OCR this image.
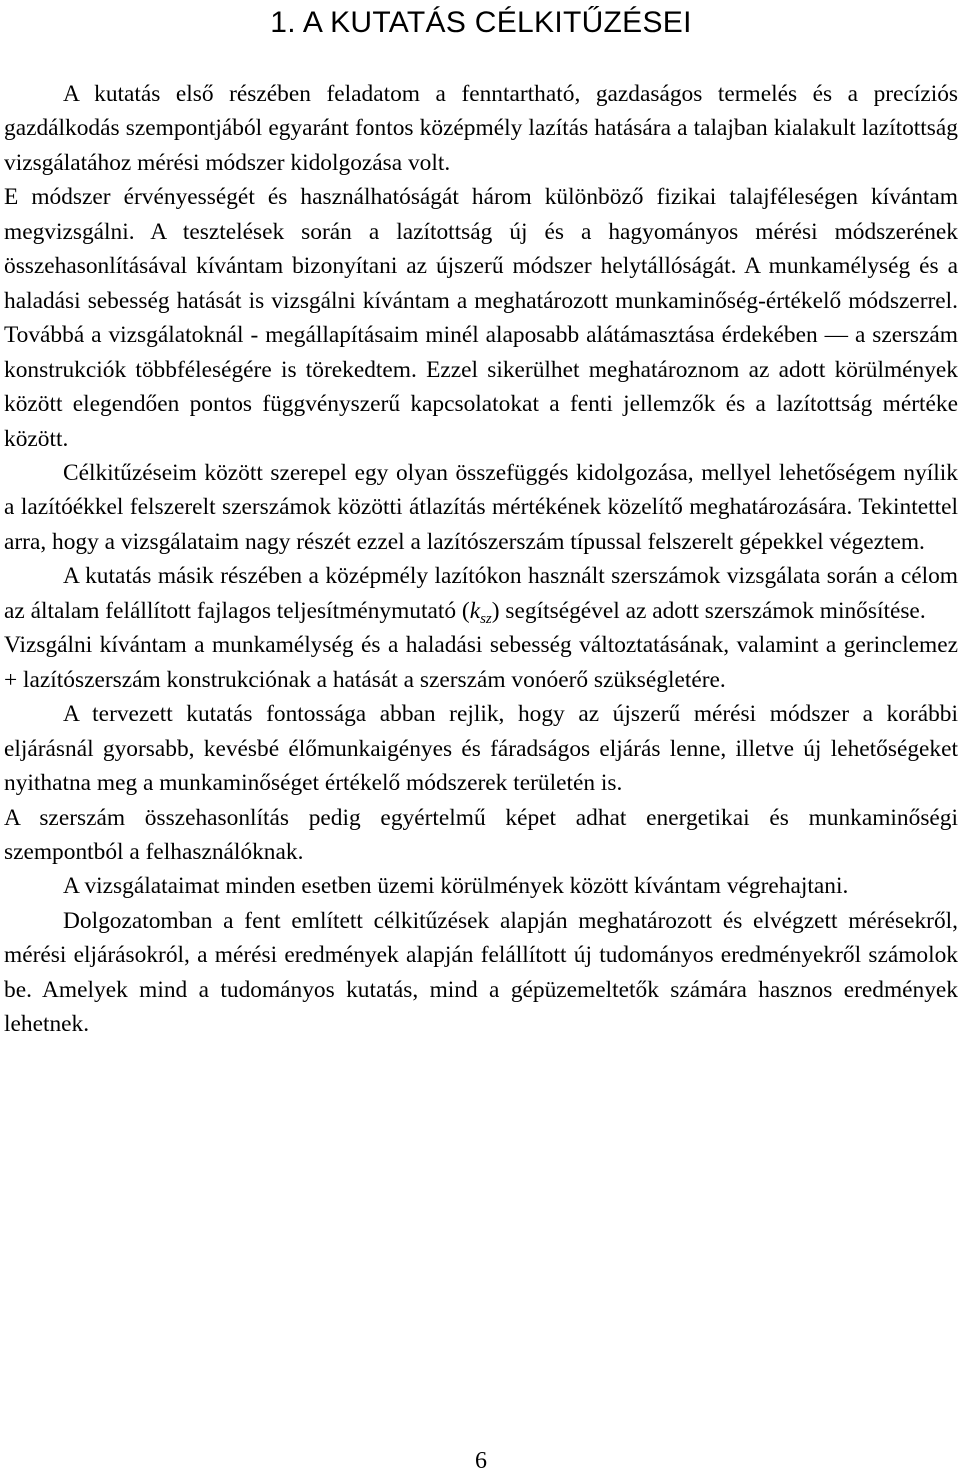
1. A KUTATÁS CÉLKITŰZÉSEI

A kutatás első részében feladatom a fenntartható, gazdaságos termelés és a precíziós gazdálkodás szempontjából egyaránt fontos középmély lazítás hatására a talajban kialakult lazítottság vizsgálatához mérési módszer kidolgozása volt.

E módszer érvényességét és használhatóságát három különböző fizikai talajféleségen kívántam megvizsgálni. A tesztelések során a lazítottság új és a hagyományos mérési módszerének összehasonlításával kívántam bizonyítani az újszerű módszer helytállóságát. A munkamélység és a haladási sebesség hatását is vizsgálni kívántam a meghatározott munkaminőség-értékelő módszerrel. Továbbá a vizsgálatoknál - megállapításaim minél alaposabb alátámasztása érdekében — a szerszám konstrukciók többféleségére is törekedtem. Ezzel sikerülhet meghatároznom az adott körülmények között elegendően pontos függvényszerű kapcsolatokat a fenti jellemzők és a lazítottság mértéke között.

Célkitűzéseim között szerepel egy olyan összefüggés kidolgozása, mellyel lehetőségem nyílik a lazítóékkel felszerelt szerszámok közötti átlazítás mértékének közelítő meghatározására. Tekintettel arra, hogy a vizsgálataim nagy részét ezzel a lazítószerszám típussal felszerelt gépekkel végeztem.

A kutatás másik részében a középmély lazítókon használt szerszámok vizsgálata során a célom az általam felállított fajlagos teljesítménymutató $(k_{sz})$ segítségével az adott szerszámok minősítése.

Vizsgálni kívántam a munkamélység és a haladási sebesség változtatásának, valamint a gerinclemez + lazítószerszám konstrukciónak a hatását a szerszám vonóerő szükségletére.

A tervezett kutatás fontossága abban rejlik, hogy az újszerű mérési módszer a korábbi eljárásnál gyorsabb, kevésbé élőmunkaigényes és fáradságos eljárás lenne, illetve új lehetőségeket nyithatna meg a munkaminőséget értékelő módszerek területén is.

A szerszám összehasonlítás pedig egyértelmű képet adhat energetikai és munkaminőségi szempontból a felhasználóknak.

A vizsgálataimat minden esetben üzemi körülmények között kívántam végrehajtani.

Dolgozatomban a fent említett célkitűzések alapján meghatározott és elvégzett mérésekről, mérési eljárásokról, a mérési eredmények alapján felállított új tudományos eredményekről számolok be. Amelyek mind a tudományos kutatás, mind a gépüzemeltetők számára hasznos eredmények lehetnek.

6
